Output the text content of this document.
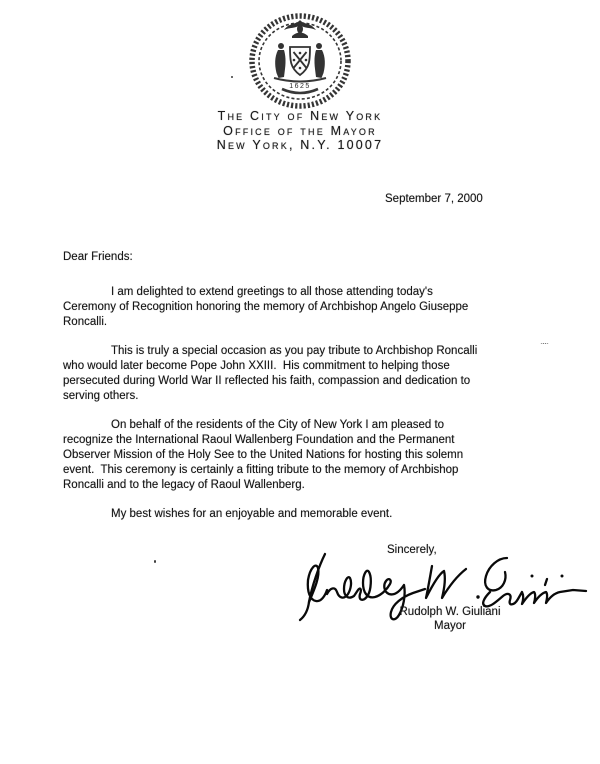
1625
The City of New York
Office of the Mayor
New York, N.Y. 10007
September 7, 2000
Dear Friends:
I am delighted to extend greetings to all those attending today's
Ceremony of Recognition honoring the memory of Archbishop Angelo Giuseppe
Roncalli.
This is truly a special occasion as you pay tribute to Archbishop Roncalli
who would later become Pope John XXIII.  His commitment to helping those
persecuted during World War II reflected his faith, compassion and dedication to
serving others.
On behalf of the residents of the City of New York I am pleased to
recognize the International Raoul Wallenberg Foundation and the Permanent
Observer Mission of the Holy See to the United Nations for hosting this solemn
event.  This ceremony is certainly a fitting tribute to the memory of Archbishop
Roncalli and to the legacy of Raoul Wallenberg.
My best wishes for an enjoyable and memorable event.
Sincerely,
Rudolph W. Giuliani
Mayor
